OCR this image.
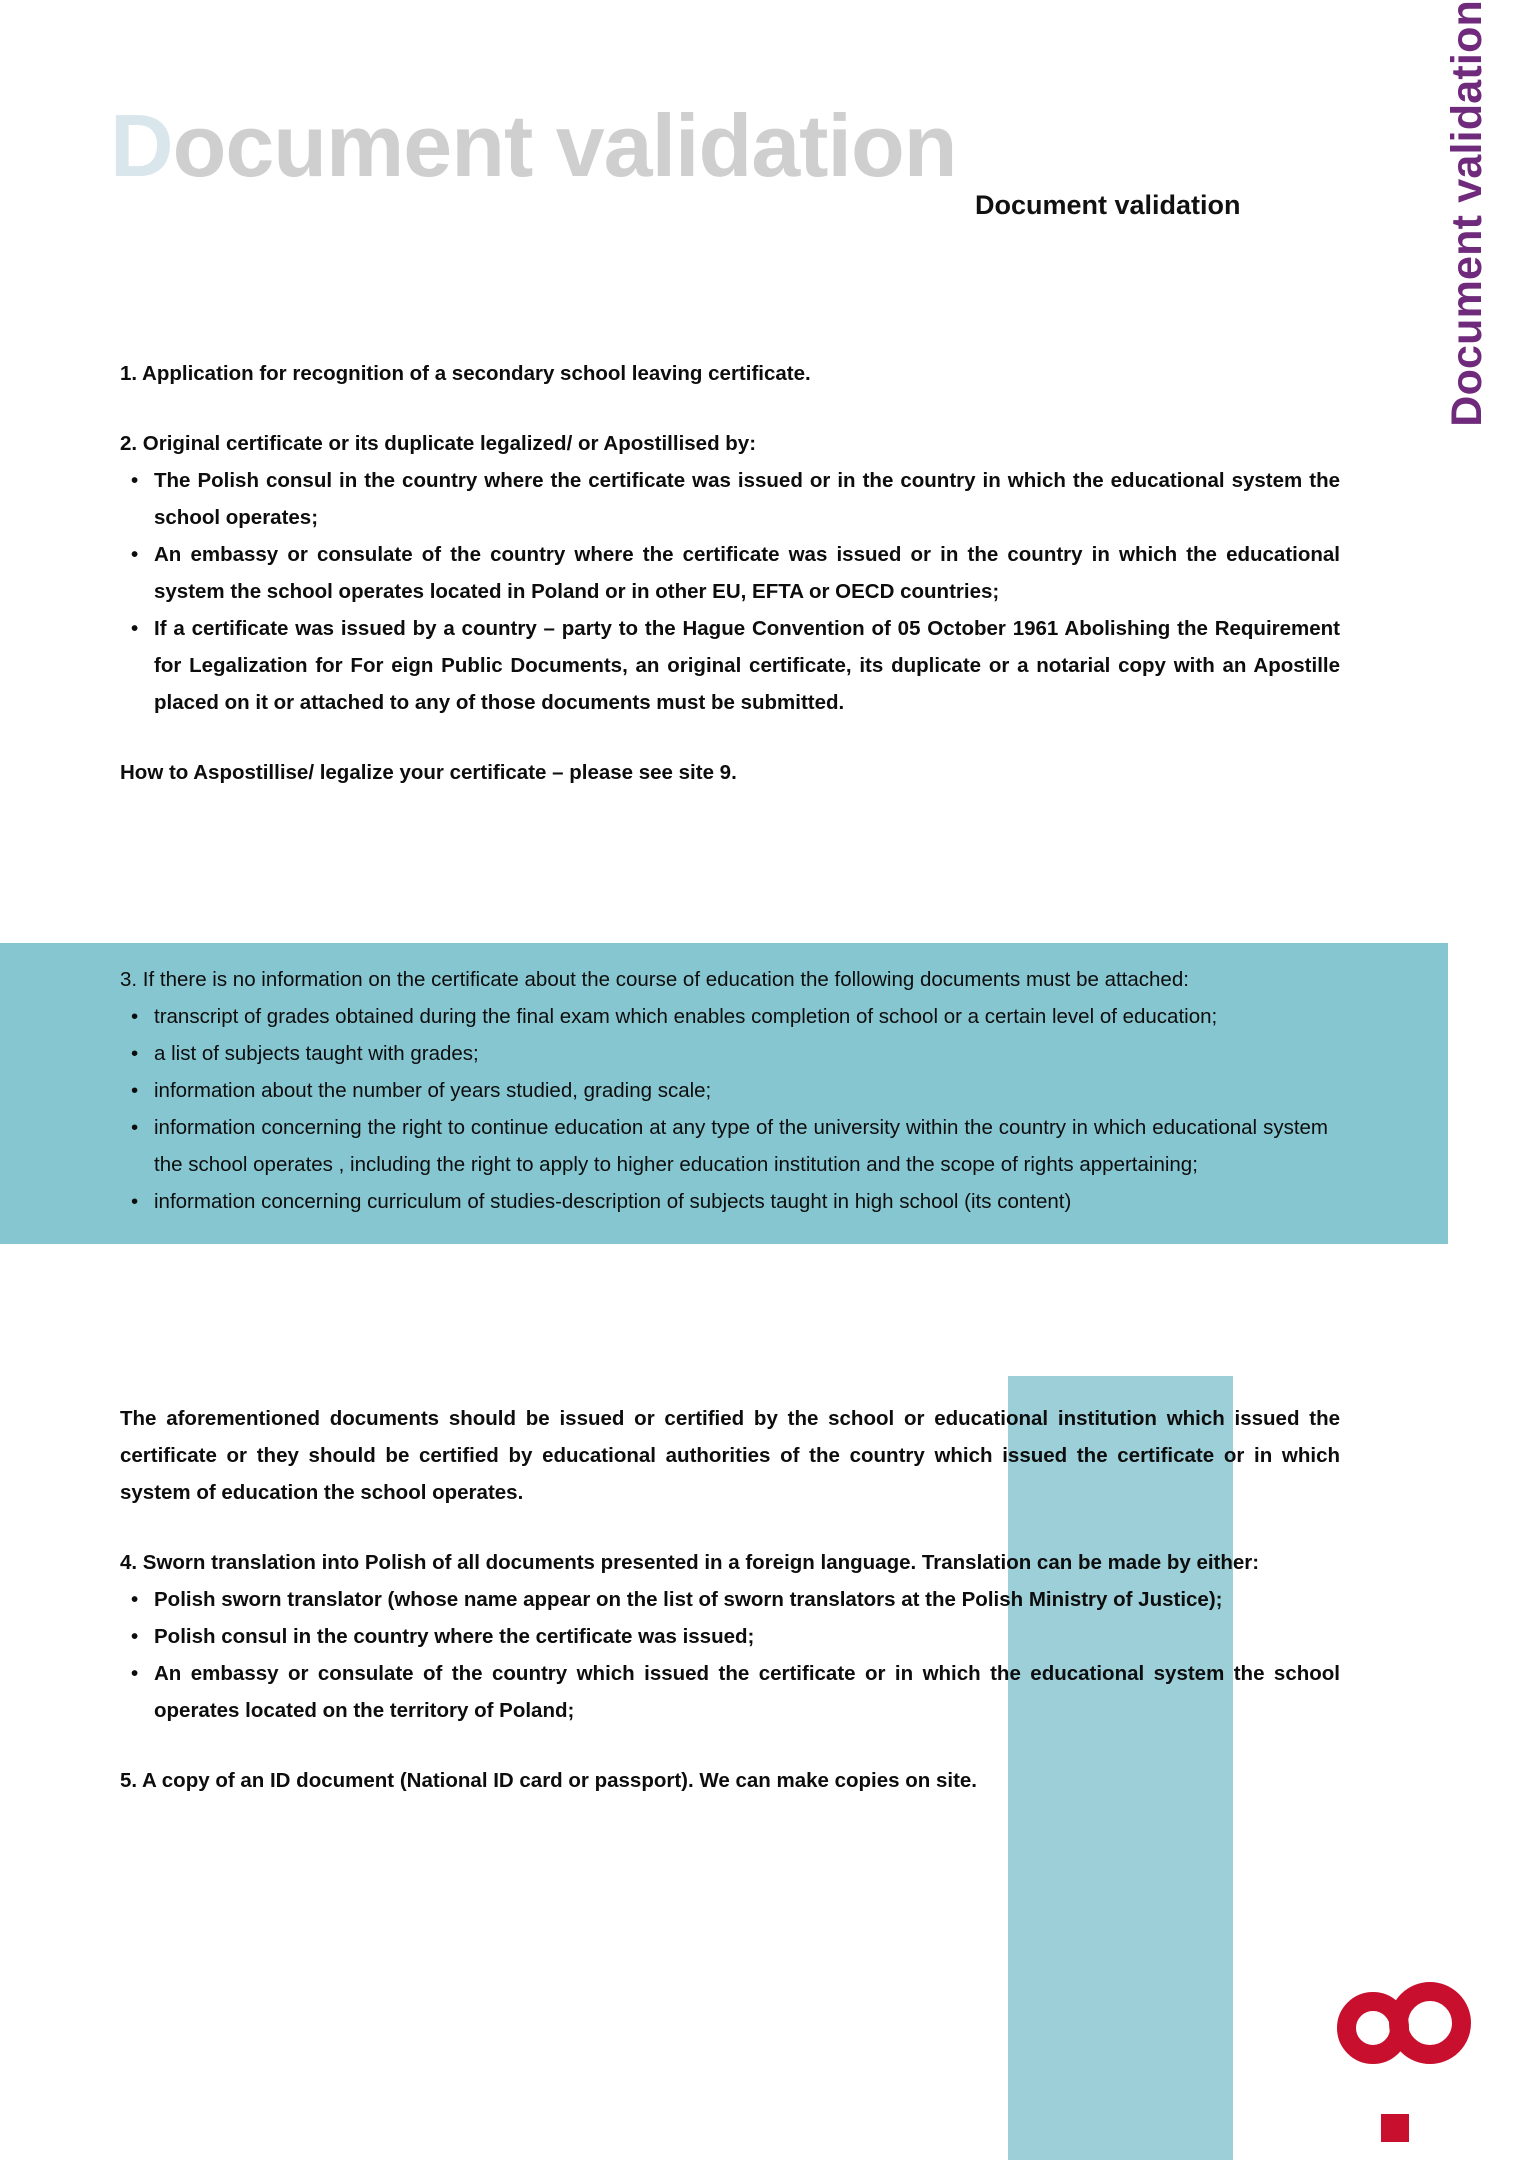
Document validation
Document validation
Document validation

1. Application for recognition of a secondary school leaving certificate.

2. Original certificate or its duplicate legalized/ or Apostillised by:

• The Polish consul in the country where the certificate was issued or in the country in which the educational system the school operates;
• An embassy or consulate of the country where the certificate was issued or in the country in which the educational system the school operates located in Poland or in other EU, EFTA or OECD countries;
• If a certificate was issued by a country – party to the Hague Convention of 05 October 1961 Abolishing the Requirement for Legalization for For eign Public Documents, an original certificate, its duplicate or a notarial copy with an Apostille placed on it or attached to any of those documents must be submitted.

How to Aspostillise/ legalize your certificate – please see site 9.

3. If there is no information on the certificate about the course of education the following documents must be attached:

• transcript of grades obtained during the final exam which enables completion of school or a certain level of education;
• a list of subjects taught with grades;
• information about the number of years studied, grading scale;
• information concerning the right to continue education at any type of the university within the country in which educational system the school operates , including the right to apply to higher education institution and the scope of rights appertaining;
• information concerning curriculum of studies-description of subjects taught in high school (its content)

The aforementioned documents should be issued or certified by the school or educational institution which issued the certificate or they should be certified by educational authorities of the country which issued the certificate or in which system of education the school operates.

4. Sworn translation into Polish of all documents presented in a foreign language. Translation can be made by either:

• Polish sworn translator (whose name appear on the list of sworn translators at the Polish Ministry of Justice);
• Polish consul in the country where the certificate was issued;
• An embassy or consulate of the country which issued the certificate or in which the educational system the school operates located on the territory of Poland;

5. A copy of an ID document (National ID card or passport). We can make copies on site.
